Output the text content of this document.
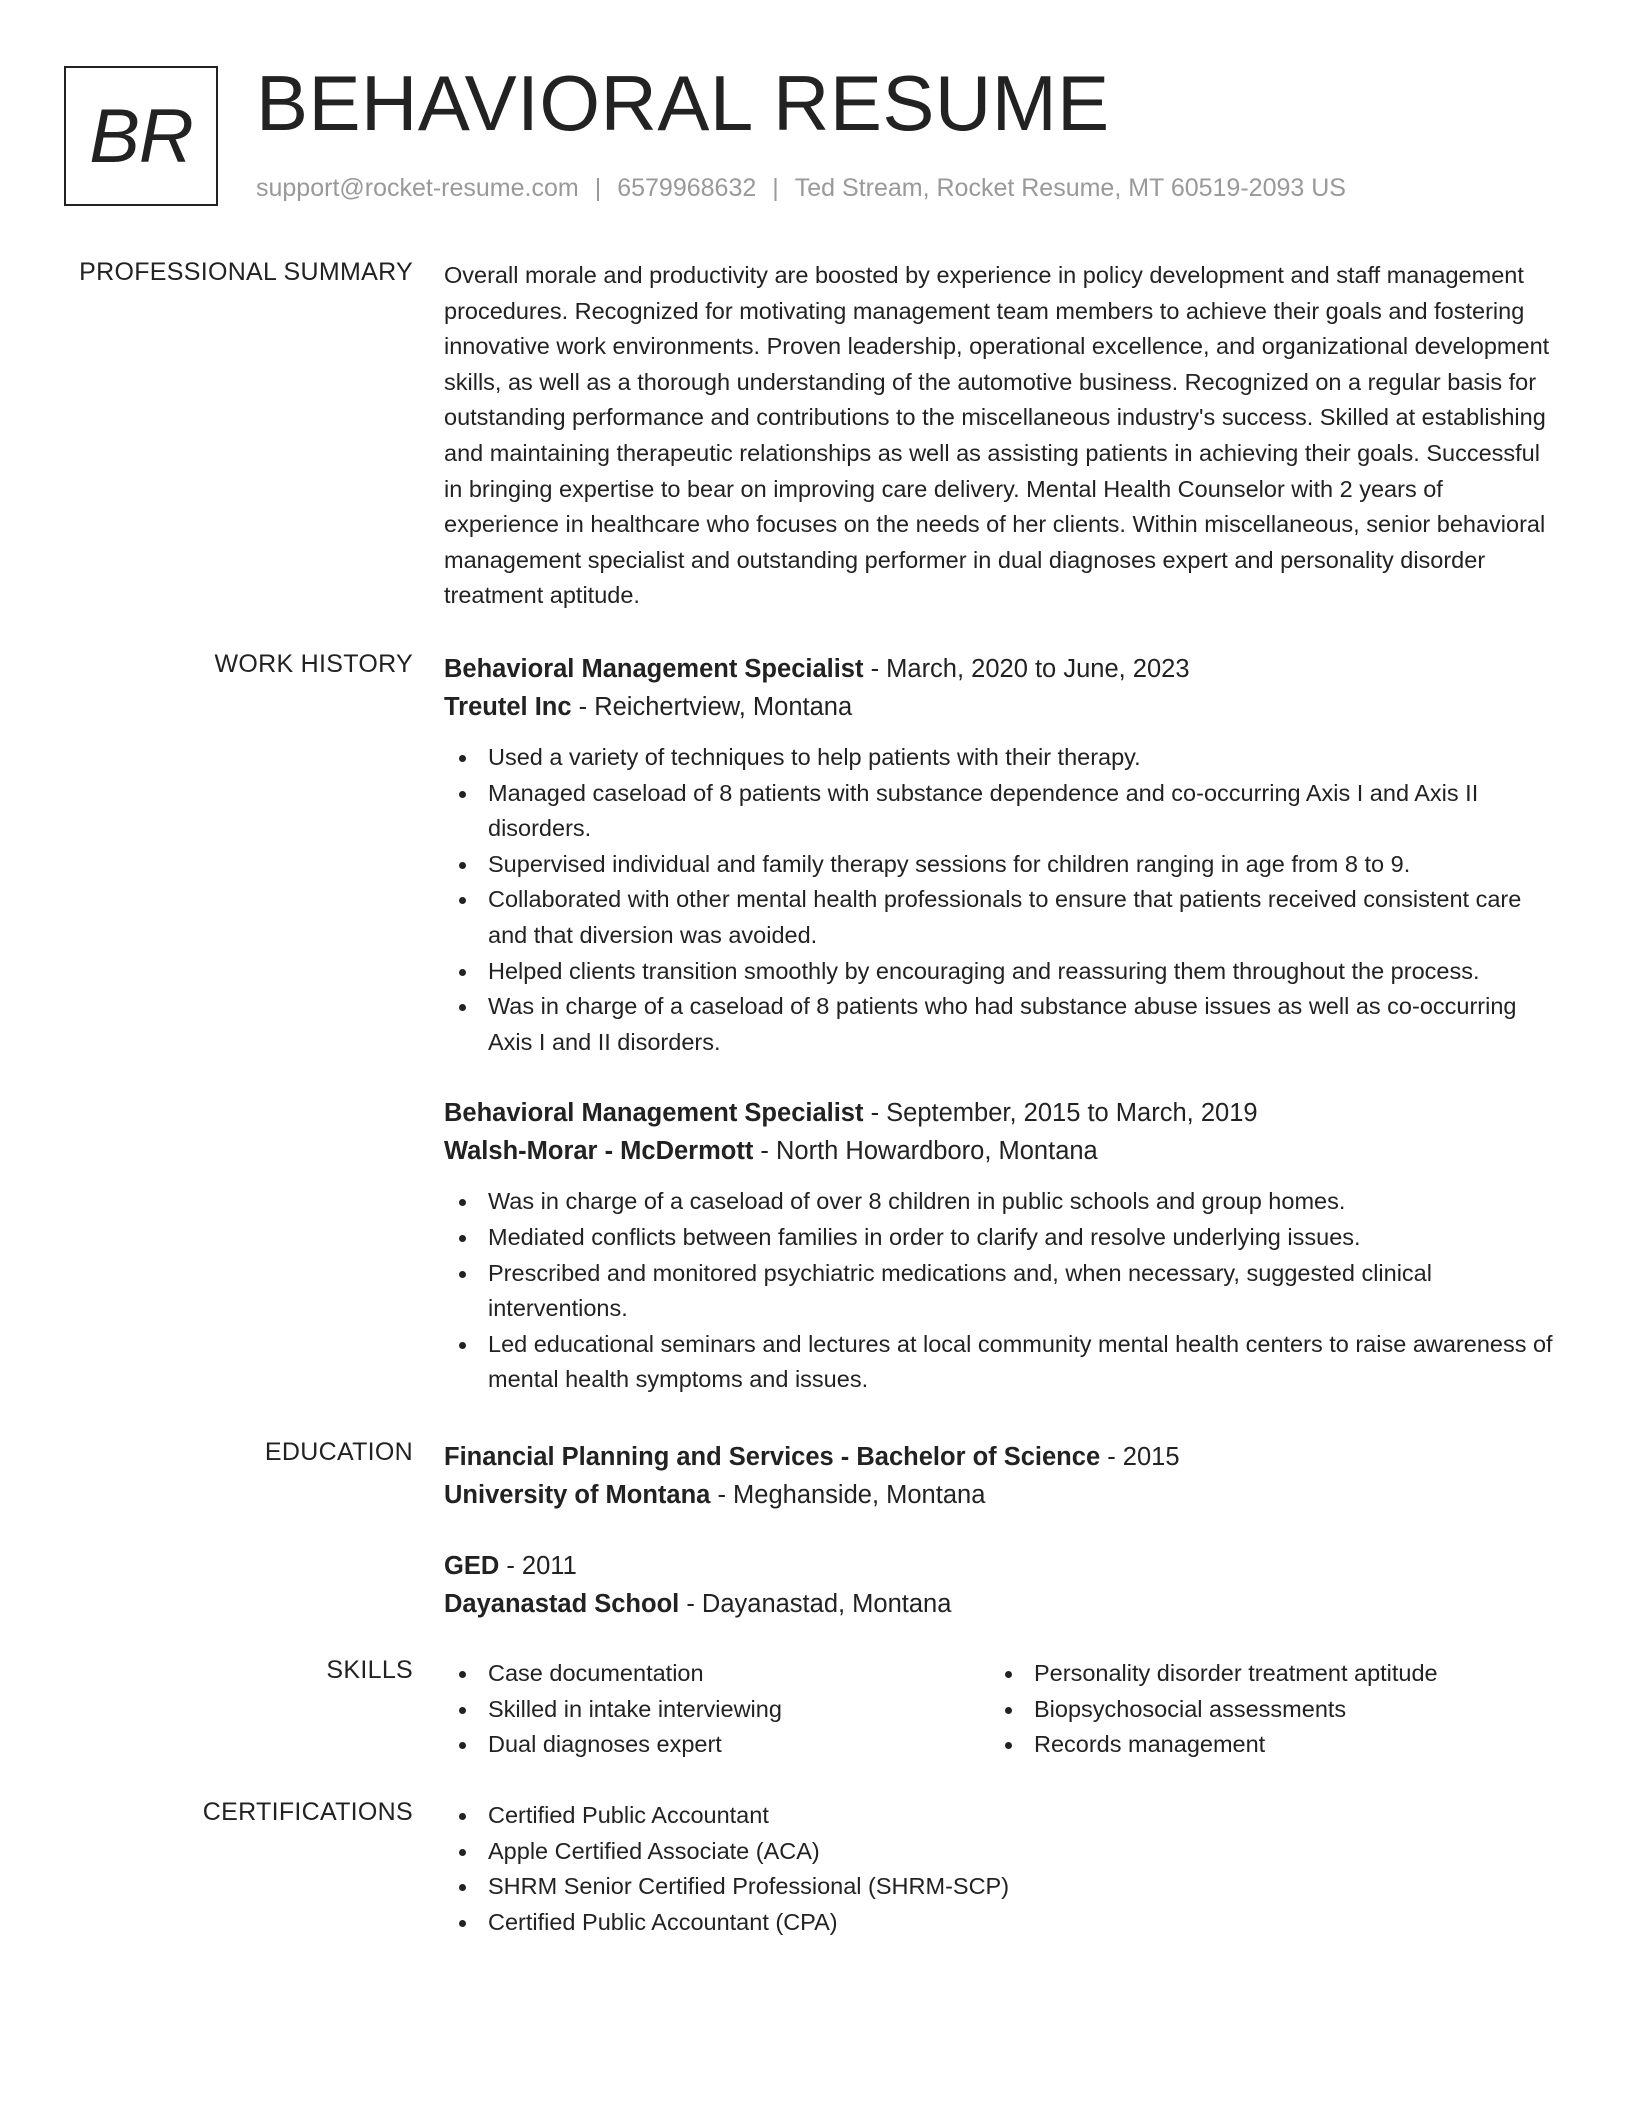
BR BEHAVIORAL RESUME
support@rocket-resume.com | 6579968632 | Ted Stream, Rocket Resume, MT 60519-2093 US
PROFESSIONAL SUMMARY Overall morale and productivity are boosted by experience in policy development and staff management procedures. Recognized for motivating management team members to achieve their goals and fostering innovative work environments. Proven leadership, operational excellence, and organizational development skills, as well as a thorough understanding of the automotive business. Recognized on a regular basis for outstanding performance and contributions to the miscellaneous industry's success. Skilled at establishing and maintaining therapeutic relationships as well as assisting patients in achieving their goals. Successful in bringing expertise to bear on improving care delivery. Mental Health Counselor with 2 years of experience in healthcare who focuses on the needs of her clients. Within miscellaneous, senior behavioral management specialist and outstanding performer in dual diagnoses expert and personality disorder treatment aptitude.

WORK HISTORY Behavioral Management Specialist - March, 2020 to June, 2023
Treutel Inc - Reichertview, Montana
Used a variety of techniques to help patients with their therapy.
Managed caseload of 8 patients with substance dependence and co-occurring Axis I and Axis II disorders.
Supervised individual and family therapy sessions for children ranging in age from 8 to 9.
Collaborated with other mental health professionals to ensure that patients received consistent care and that diversion was avoided.
Helped clients transition smoothly by encouraging and reassuring them throughout the process.
Was in charge of a caseload of 8 patients who had substance abuse issues as well as co-occurring Axis I and II disorders.
Behavioral Management Specialist - September, 2015 to March, 2019
Walsh-Morar - McDermott - North Howardboro, Montana
Was in charge of a caseload of over 8 children in public schools and group homes.
Mediated conflicts between families in order to clarify and resolve underlying issues.
Prescribed and monitored psychiatric medications and, when necessary, suggested clinical interventions.
Led educational seminars and lectures at local community mental health centers to raise awareness of mental health symptoms and issues.
EDUCATION Financial Planning and Services - Bachelor of Science - 2015
University of Montana - Meghanside, Montana
GED - 2011
Dayanastad School - Dayanastad, Montana
SKILLS	Case documentation
Skilled in intake interviewing
Dual diagnoses expert
Personality disorder treatment aptitude
Biopsychosocial assessments
Records management
CERTIFICATIONS	Certified Public Accountant
Apple Certified Associate (ACA)
SHRM Senior Certified Professional (SHRM-SCP)
Certified Public Accountant (CPA)
